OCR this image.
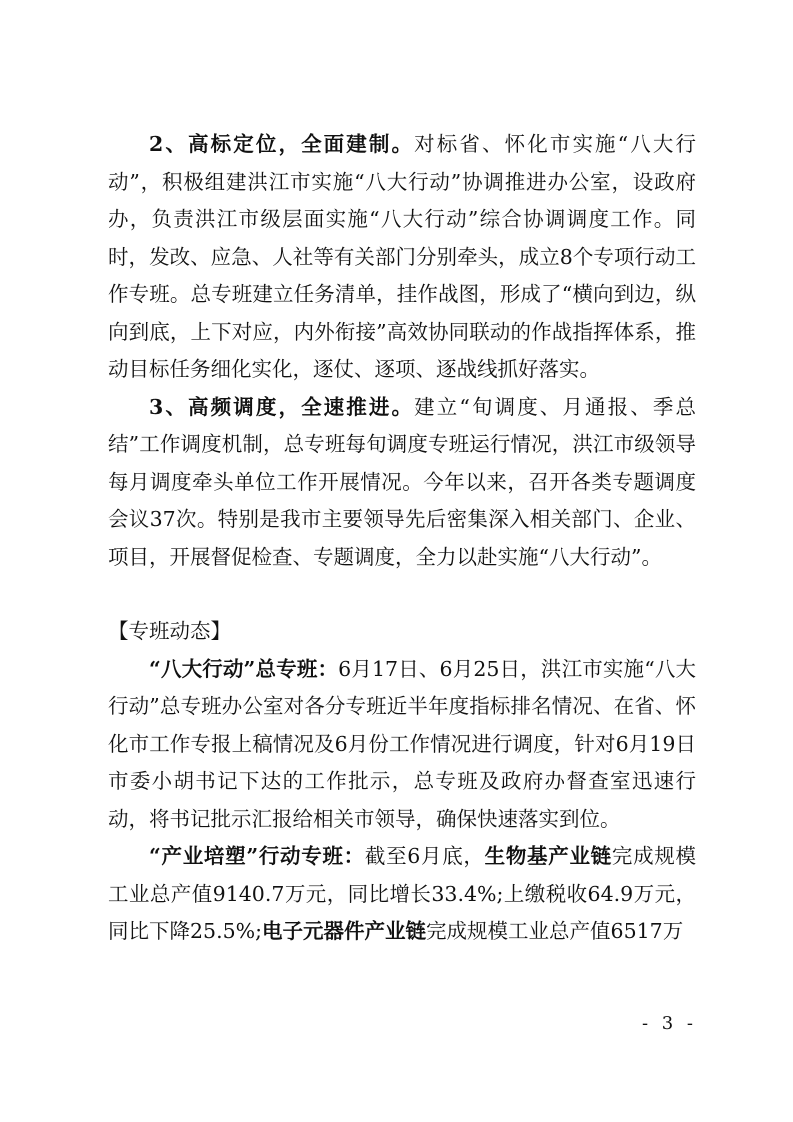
2、高标定位，全面建制。对标省、怀化市实施“八大行动”，积极组建洪江市实施“八大行动”协调推进办公室，设政府办，负责洪江市级层面实施“八大行动”综合协调调度工作。同时，发改、应急、人社等有关部门分别牵头，成立8个专项行动工作专班。总专班建立任务清单，挂作战图，形成了“横向到边，纵向到底，上下对应，内外衔接”高效协同联动的作战指挥体系，推动目标任务细化实化，逐仗、逐项、逐战线抓好落实。

3、高频调度，全速推进。建立“旬调度、月通报、季总结”工作调度机制，总专班每旬调度专班运行情况，洪江市级领导每月调度牵头单位工作开展情况。今年以来，召开各类专题调度会议37次。特别是我市主要领导先后密集深入相关部门、企业、项目，开展督促检查、专题调度，全力以赴实施“八大行动”。

【专班动态】

“八大行动”总专班：6月17日、6月25日，洪江市实施“八大行动”总专班办公室对各分专班近半年度指标排名情况、在省、怀化市工作专报上稿情况及6月份工作情况进行调度，针对6月19日市委小胡书记下达的工作批示，总专班及政府办督查室迅速行动，将书记批示汇报给相关市领导，确保快速落实到位。

“产业培塑”行动专班：截至6月底，生物基产业链完成规模工业总产值9140.7万元，同比增长33.4%;上缴税收64.9万元，同比下降25.5%;电子元器件产业链完成规模工业总产值6517万

- 3 -
